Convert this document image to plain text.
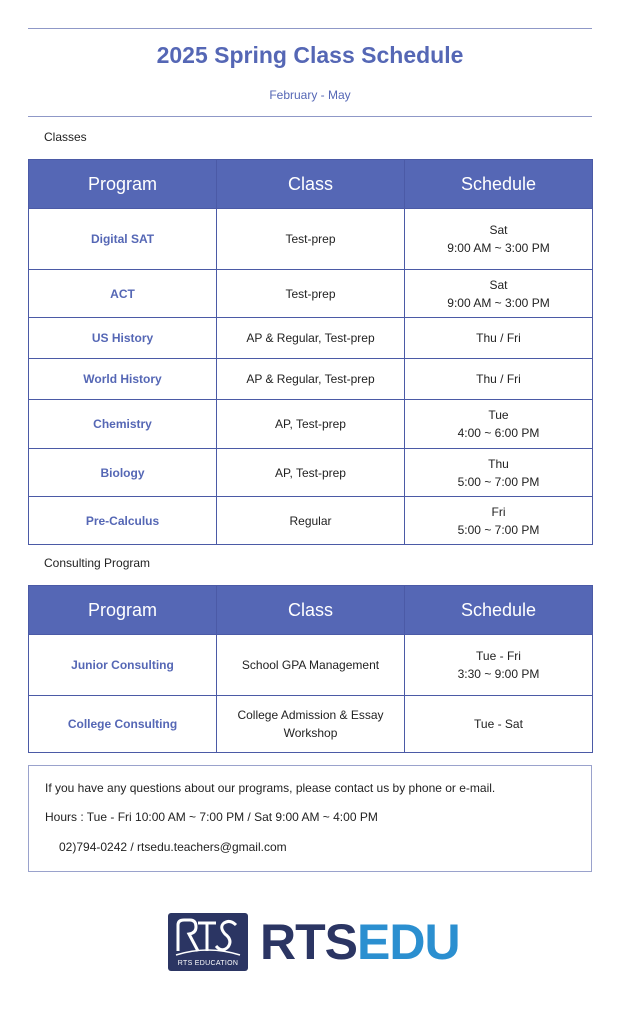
2025 Spring Class Schedule
February - May
Classes
Program	Class	Schedule
Digital SAT	Test-prep	Sat
9:00 AM ~ 3:00 PM

ACT	Test-prep	Sat
9:00 AM ~ 3:00 PM

US History	AP & Regular, Test-prep	Thu / Fri

World History	AP & Regular, Test-prep	Thu / Fri

Chemistry	AP, Test-prep	Tue
4:00 ~ 6:00 PM

Biology	AP, Test-prep	Thu
5:00 ~ 7:00 PM

Pre-Calculus	Regular	Fri
5:00 ~ 7:00 PM
Consulting Program
Program	Class	Schedule
Junior Consulting	School GPA Management	Tue - Fri
3:30 ~ 9:00 PM

College Consulting	College Admission & Essay
Workshop	Tue - Sat
If you have any questions about our programs, please contact us by phone or e-mail.
Hours : Tue - Fri 10:00 AM ~ 7:00 PM / Sat 9:00 AM ~ 4:00 PM
02)794-0242 / rtsedu.teachers@gmail.com
RTS EDUCATION RTSEDU
